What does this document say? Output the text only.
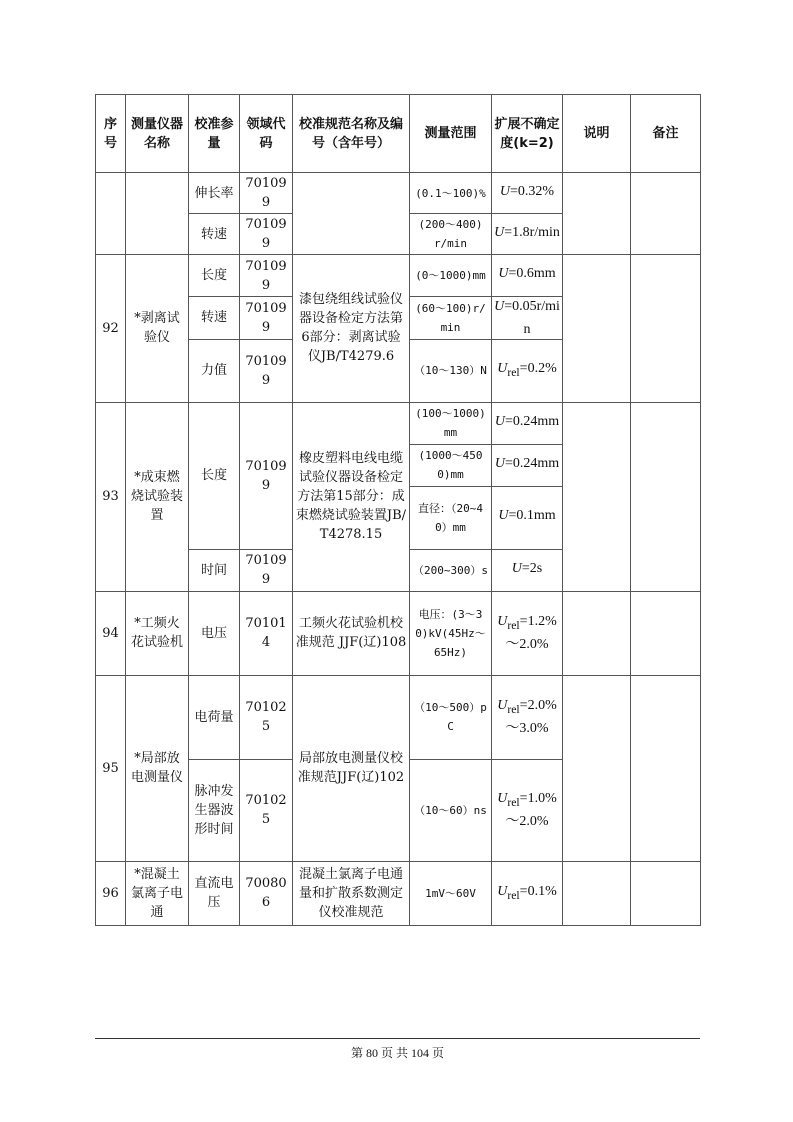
序号	测量仪器名称	校准参量	领域代码	校准规范名称及编号（含年号）	测量范围	扩展不确定度(k=2)	说明	备注
		伸长率	701099		(0.1～100)%	U=0.32%		
		转速	701099		(200～400)r/min	U=1.8r/min		
92	*剥离试验仪	长度	701099	漆包绕组线试验仪器设备检定方法第6部分：剥离试验仪JB/T4279.6	(0～1000)mm	U=0.6mm		
		转速	701099		(60～100)r/min	U=0.05r/min		
		力值	701099		（10～130）N	$U_{rel}=0.2\%$		
93	*成束燃烧试验装置	长度	701099	橡皮塑料电线电缆试验仪器设备检定方法第15部分：成束燃烧试验装置JB/T4278.15	(100～1000)mm	U=0.24mm		
					(1000～4500)mm	U=0.24mm		
					直径：（20~40）mm	U=0.1mm		
		时间	701099		（200~300）s	U=2s		
94	*工频火花试验机	电压	701014	工频火花试验机校准规范 JJF(辽)108	电压：(3～30)kV(45Hz～65Hz)	$U_{rel}=1.2\%\sim 2.0\%$		
95	*局部放电测量仪	电荷量	701025	局部放电测量仪校准规范JJF(辽)102	（10～500）pC	$U_{rel}=2.0\%\sim 3.0\%$		
		脉冲发生器波形时间	701025		（10～60）ns	$U_{rel}=1.0\%\sim 2.0\%$		
96	*混凝土氯离子电通	直流电压	700806	混凝土氯离子电通量和扩散系数测定仪校准规范	1mV～60V	$U_{rel}=0.1\%$		
第 80 页 共 104 页
